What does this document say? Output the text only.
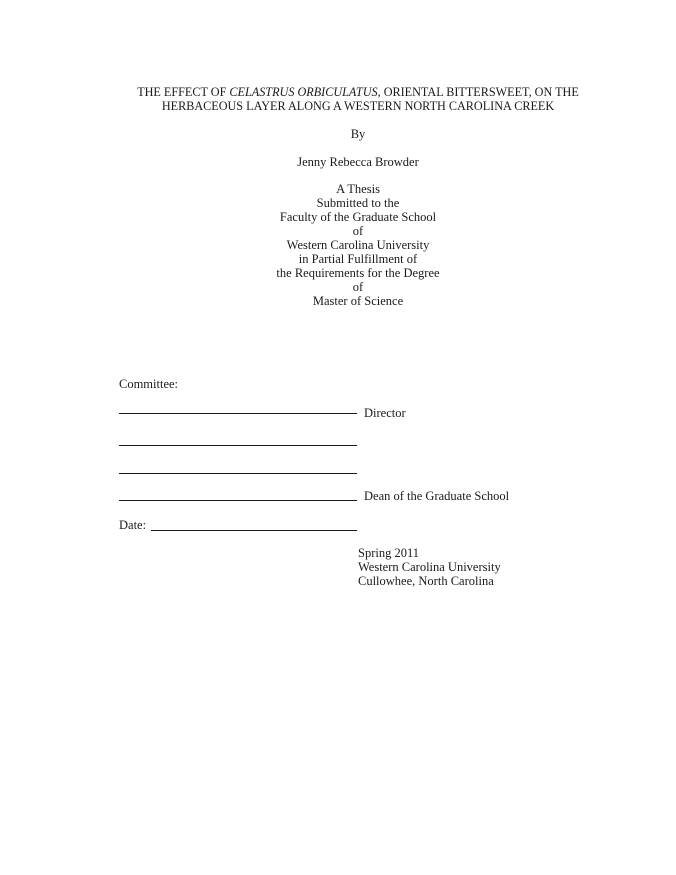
THE EFFECT OF CELASTRUS ORBICULATUS, ORIENTAL BITTERSWEET, ON THE
HERBACEOUS LAYER ALONG A WESTERN NORTH CAROLINA CREEK
By
Jenny Rebecca Browder
A Thesis
Submitted to the
Faculty of the Graduate School
of
Western Carolina University
in Partial Fulfillment of
the Requirements for the Degree
of
Master of Science
Committee:
Director
Dean of the Graduate School
Date:
Spring 2011
Western Carolina University
Cullowhee, North Carolina
